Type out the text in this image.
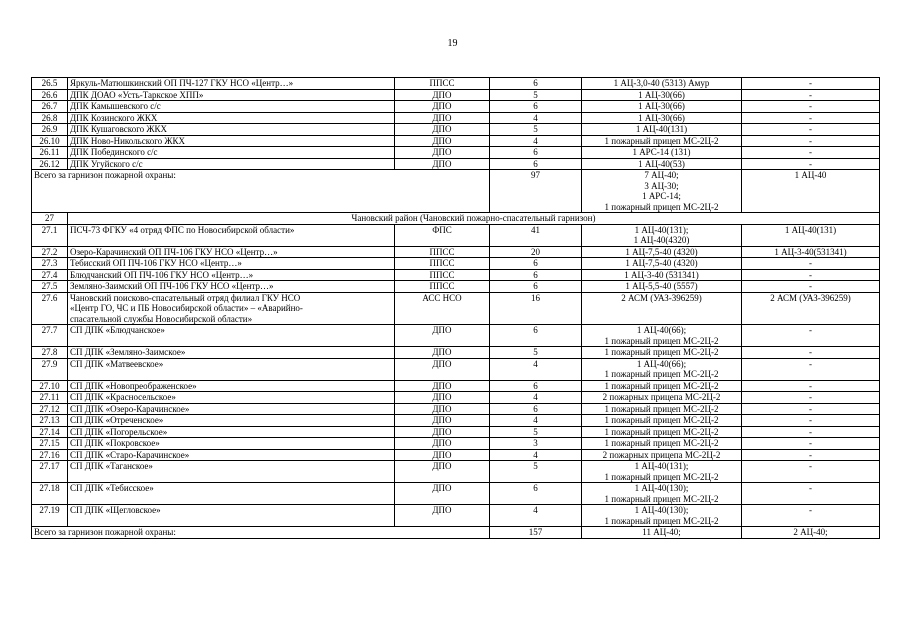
19
26.5	Яркуль-Матюшкинский ОП ПЧ-127 ГКУ НСО «Центр…»	ППСС	6	1 АЦ-3,0-40 (5313) Амур	-

26.6	ДПК ДОАО «Усть-Таркское ХПП»	ДПО	5	1 АЦ-30(66)	-

26.7	ДПК Камышевского с/с	ДПО	6	1 АЦ-30(66)	-

26.8	ДПК Козинского ЖКХ	ДПО	4	1 АЦ-30(66)	-

26.9	ДПК Кушаговского ЖКХ	ДПО	5	1 АЦ-40(131)	-

26.10	ДПК Ново-Никольского ЖКХ	ДПО	4	1 пожарный прицеп МС-2Ц-2	-

26.11	ДПК Побединского с/с	ДПО	6	1 АРС-14 (131)	-

26.12	ДПК Угуйского с/с	ДПО	6	1 АЦ-40(53)	-

Всего за гарнизон пожарной охраны:			97	7 АЦ-40;
3 АЦ-30;
1 АРС-14;
1 пожарный прицеп МС-2Ц-2	1 АЦ-40
27	Чановский район (Чановский пожарно-спасательный гарнизон)				
27.1	ПСЧ-73 ФГКУ «4 отряд ФПС по Новосибирской области»	ФПС	41	1 АЦ-40(131);
1 АЦ-40(4320)	1 АЦ-40(131)

27.2	Озеро-Карачинский ОП ПЧ-106 ГКУ НСО «Центр…»	ППСС	20	1 АЦ-7,5-40 (4320)	1 АЦ-3-40(531341)

27.3	Тебисский ОП ПЧ-106 ГКУ НСО «Центр…»	ППСС	6	1 АЦ-7,5-40 (4320)	-

27.4	Блюдчанский ОП ПЧ-106 ГКУ НСО «Центр…»	ППСС	6	1 АЦ-3-40 (531341)	-

27.5	Землянo-Заимский ОП ПЧ-106 ГКУ НСО «Центр…»	ППСС	6	1 АЦ-5,5-40 (5557)	-

27.6	Чановский поисково-спасательный отряд филиал ГКУ НСО
«Центр ГО, ЧС и ПБ Новосибирской области» – «Аварийно-
спасательной службы Новосибирской области»	АСС НСО	16	2 АСМ (УАЗ-396259)	2 АСМ (УАЗ-396259)

27.7	СП ДПК «Блюдчанское»	ДПО	6	1 АЦ-40(66);
1 пожарный прицеп МС-2Ц-2	-

27.8	СП ДПК «Землянo-Заимское»	ДПО	5	1 пожарный прицеп МС-2Ц-2	-

27.9	СП ДПК «Матвеевское»	ДПО	4	1 АЦ-40(66);
1 пожарный прицеп МС-2Ц-2	-

27.10	СП ДПК «Новопреображенское»	ДПО	6	1 пожарный прицеп МС-2Ц-2	-

27.11	СП ДПК «Красносельское»	ДПО	4	2 пожарных прицепа МС-2Ц-2	-

27.12	СП ДПК «Озеро-Карачинское»	ДПО	6	1 пожарный прицеп МС-2Ц-2	-

27.13	СП ДПК «Отреченское»	ДПО	4	1 пожарный прицеп МС-2Ц-2	-

27.14	СП ДПК «Погорельское»	ДПО	5	1 пожарный прицеп МС-2Ц-2	-

27.15	СП ДПК «Покровское»	ДПО	3	1 пожарный прицеп МС-2Ц-2	-

27.16	СП ДПК «Старо-Карачинское»	ДПО	4	2 пожарных прицепа МС-2Ц-2	-

27.17	СП ДПК «Таганское»	ДПО	5	1 АЦ-40(131);
1 пожарный прицеп МС-2Ц-2	-

27.18	СП ДПК «Тебисское»	ДПО	6	1 АЦ-40(130);
1 пожарный прицеп МС-2Ц-2	-

27.19	СП ДПК «Щегловское»	ДПО	4	1 АЦ-40(130);
1 пожарный прицеп МС-2Ц-2	-

Всего за гарнизон пожарной охраны:			157	11 АЦ-40;	2 АЦ-40;
